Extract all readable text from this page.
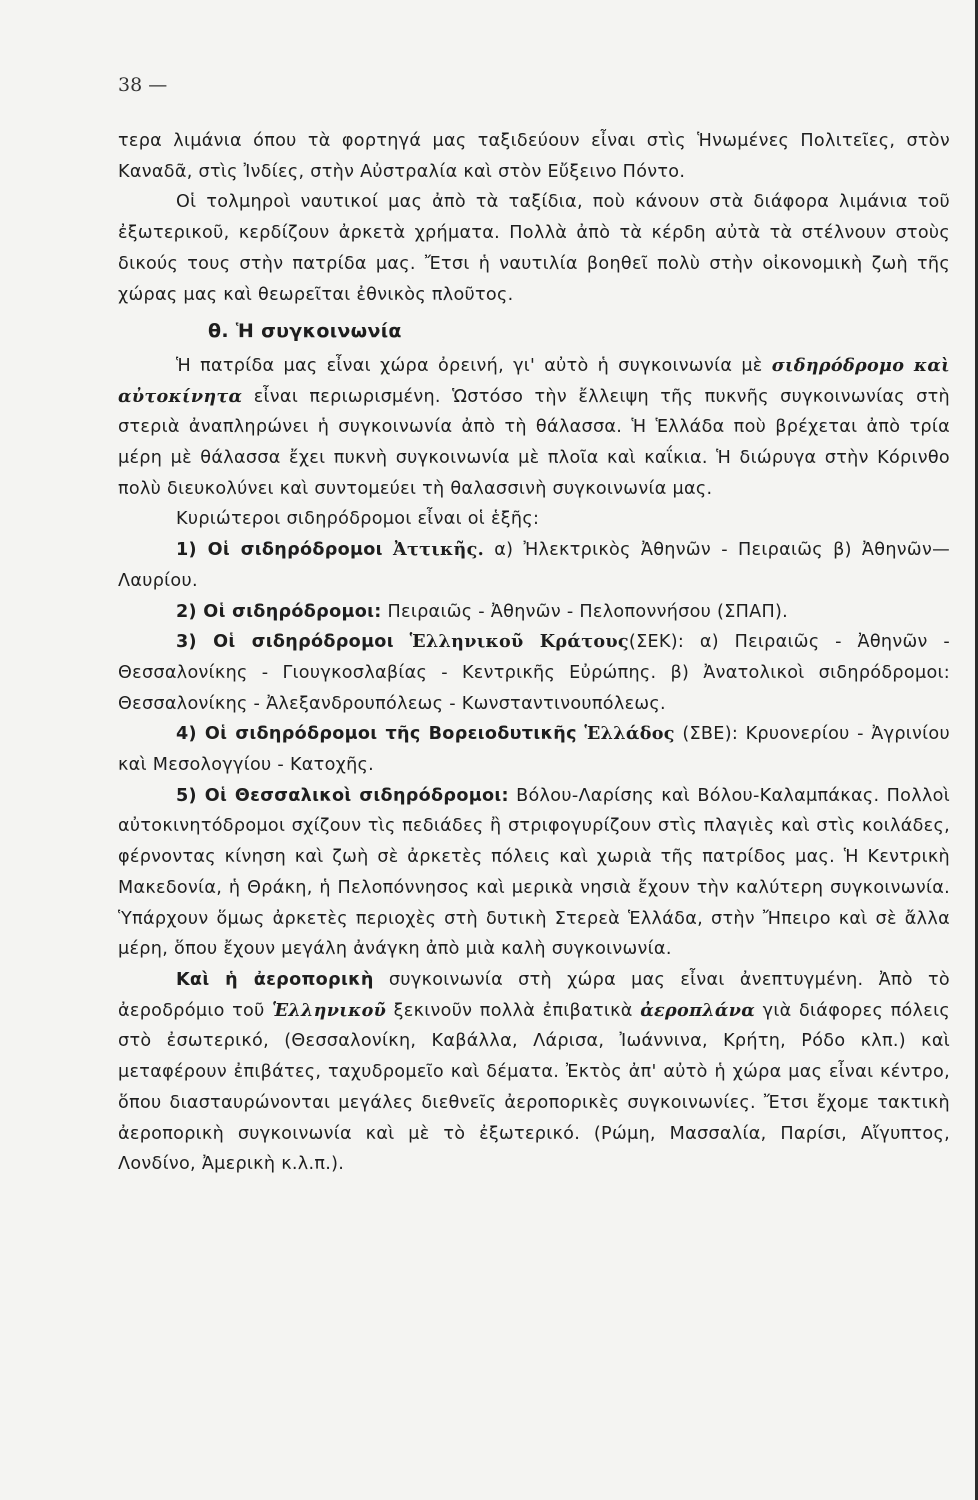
38 —

τερα λιμάνια όπου τὰ φορτηγά μας ταξιδεύουν εἶναι στὶς Ἡνωμένες Πολιτεῖες, στὸν Καναδᾶ, στὶς Ἰνδίες, στὴν Αὐστραλία καὶ στὸν Εὔξεινο Πόντο.

Οἱ τολμηροὶ ναυτικοί μας ἀπὸ τὰ ταξίδια, ποὺ κάνουν στὰ διάφορα λιμάνια τοῦ ἐξωτερικοῦ, κερδίζουν ἀρκετὰ χρήματα. Πολλὰ ἀπὸ τὰ κέρδη αὐτὰ τὰ στέλνουν στοὺς δικούς τους στὴν πατρίδα μας. Ἔτσι ἡ ναυτιλία βοηθεῖ πολὺ στὴν οἰκονομικὴ ζωὴ τῆς χώρας μας καὶ θεωρεῖται ἐθνικὸς πλοῦτος.

θ. Ἡ συγκοινωνία

Ἡ πατρίδα μας εἶναι χώρα ὀρεινή, γι' αὐτὸ ἡ συγκοινωνία μὲ σιδηρόδρομο καὶ αὐτοκίνητα εἶναι περιωρισμένη. Ὡστόσο τὴν ἔλλειψη τῆς πυκνῆς συγκοινωνίας στὴ στεριὰ ἀναπληρώνει ἡ συγκοινωνία ἀπὸ τὴ θάλασσα. Ἡ Ἑλλάδα ποὺ βρέχεται ἀπὸ τρία μέρη μὲ θάλασσα ἔχει πυκνὴ συγκοινωνία μὲ πλοῖα καὶ καΐκια. Ἡ διώρυγα στὴν Κόρινθο πολὺ διευκολύνει καὶ συντομεύει τὴ θαλασσινὴ συγκοινωνία μας.

Κυριώτεροι σιδηρόδρομοι εἶναι οἱ ἑξῆς:

1) Οἱ σιδηρόδρομοι Ἀττικῆς. α) Ἠλεκτρικὸς Ἀθηνῶν - Πειραιῶς β) Ἀθηνῶν—Λαυρίου.

2) Οἱ σιδηρόδρομοι: Πειραιῶς - Ἀθηνῶν - Πελοποννήσου (ΣΠΑΠ).

3) Οἱ σιδηρόδρομοι Ἑλληνικοῦ Κράτους(ΣΕΚ): α) Πειραιῶς - Ἀθηνῶν - Θεσσαλονίκης - Γιουγκοσλαβίας - Κεντρικῆς Εὐρώπης. β) Ἀνατολικοὶ σιδηρόδρομοι: Θεσσαλονίκης - Ἀλεξανδρουπόλεως - Κωνσταντινουπόλεως.

4) Οἱ σιδηρόδρομοι τῆς Βορειοδυτικῆς Ἑλλάδος (ΣΒΕ): Κρυονερίου - Ἀγρινίου καὶ Μεσολογγίου - Κατοχῆς.

5) Οἱ Θεσσαλικοὶ σιδηρόδρομοι: Βόλου-Λαρίσης καὶ Βόλου-Καλαμπάκας. Πολλοὶ αὐτοκινητόδρομοι σχίζουν τὶς πεδιάδες ἢ στριφογυρίζουν στὶς πλαγιὲς καὶ στὶς κοιλάδες, φέρνοντας κίνηση καὶ ζωὴ σὲ ἀρκετὲς πόλεις καὶ χωριὰ τῆς πατρίδος μας. Ἡ Κεντρικὴ Μακεδονία, ἡ Θράκη, ἡ Πελοπόννησος καὶ μερικὰ νησιὰ ἔχουν τὴν καλύτερη συγκοινωνία. Ὑπάρχουν ὅμως ἀρκετὲς περιοχὲς στὴ δυτικὴ Στερεὰ Ἑλλάδα, στὴν Ἤπειρο καὶ σὲ ἄλλα μέρη, ὅπου ἔχουν μεγάλη ἀνάγκη ἀπὸ μιὰ καλὴ συγκοινωνία.

Καὶ ἡ ἀεροπορικὴ συγκοινωνία στὴ χώρα μας εἶναι ἀνεπτυγμένη. Ἀπὸ τὸ ἀεροδρόμιο τοῦ Ἑλληνικοῦ ξεκινοῦν πολλὰ ἐπιβατικὰ ἀεροπλάνα γιὰ διάφορες πόλεις στὸ ἐσωτερικό, (Θεσσαλονίκη, Καβάλλα, Λάρισα, Ἰωάννινα, Κρήτη, Ρόδο κλπ.) καὶ μεταφέρουν ἐπιβάτες, ταχυδρομεῖο καὶ δέματα. Ἐκτὸς ἀπ' αὐτὸ ἡ χώρα μας εἶναι κέντρο, ὅπου διασταυρώνονται μεγάλες διεθνεῖς ἀεροπορικὲς συγκοινωνίες. Ἔτσι ἔχομε τακτικὴ ἀεροπορικὴ συγκοινωνία καὶ μὲ τὸ ἐξωτερικό. (Ρώμη, Μασσαλία, Παρίσι, Αἴγυπτος, Λονδίνο, Ἀμερικὴ κ.λ.π.).
